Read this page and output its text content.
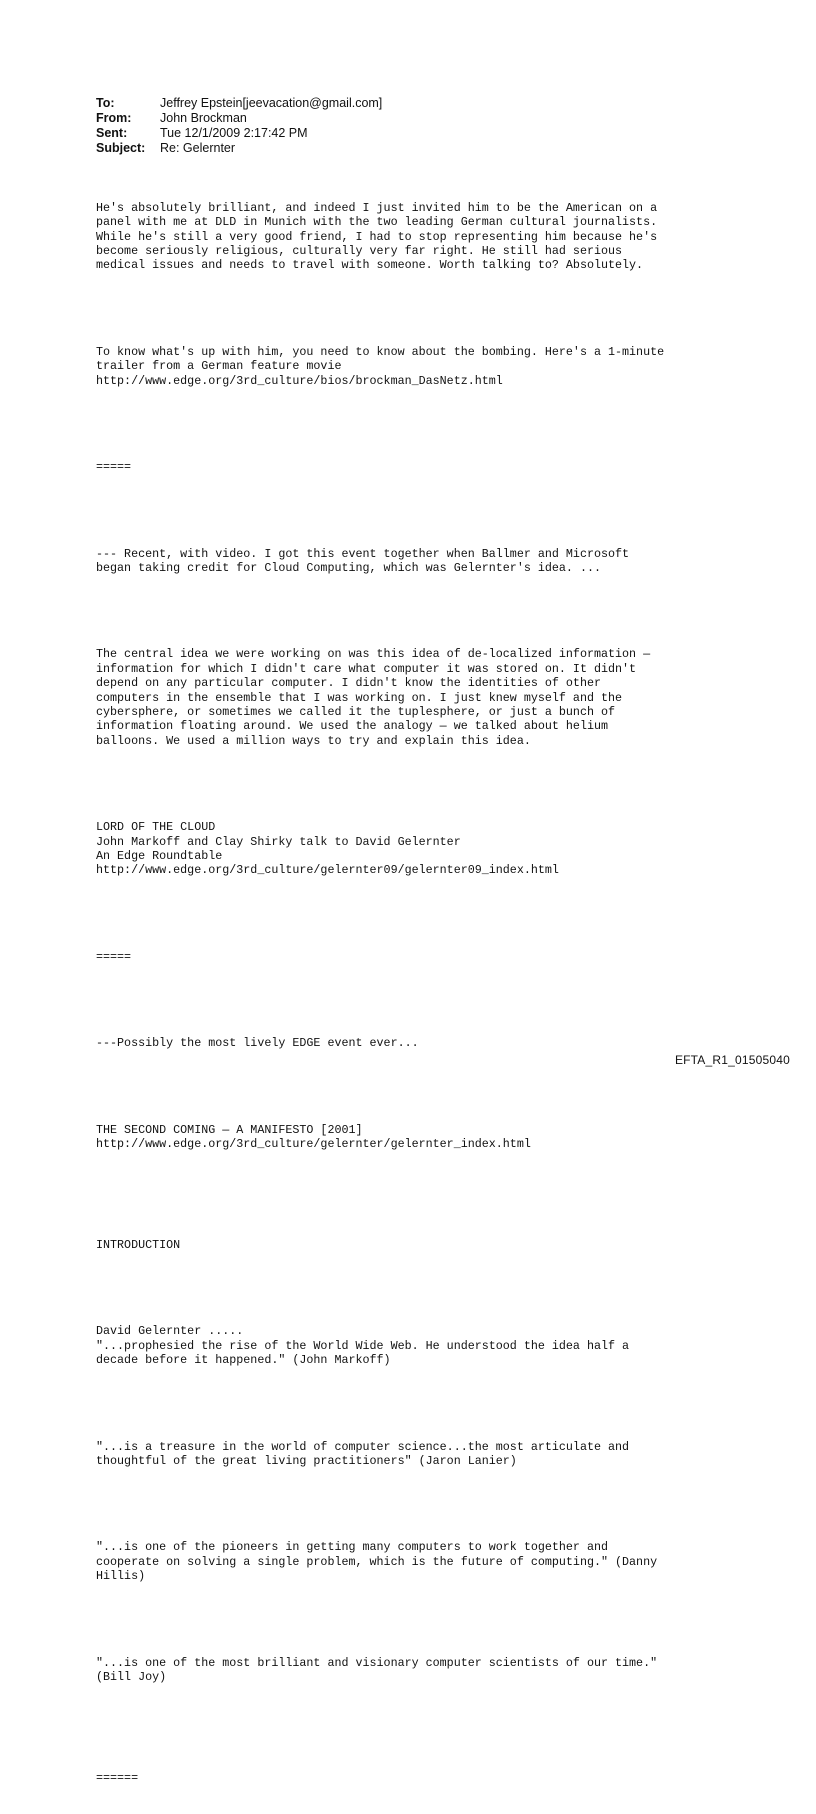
To:	Jeffrey Epstein[jeevacation@gmail.com]
From:	John Brockman
Sent:	Tue 12/1/2009 2:17:42 PM
Subject:	Re: Gelernter

He's absolutely brilliant, and indeed I just invited him to be the American on a
panel with me at DLD in Munich with the two leading German cultural journalists.
While he's still a very good friend, I had to stop representing him because he's
become seriously religious, culturally very far right. He still had serious
medical issues and needs to travel with someone. Worth talking to? Absolutely.

To know what's up with him, you need to know about the bombing. Here's a 1-minute
trailer from a German feature movie
http://www.edge.org/3rd_culture/bios/brockman_DasNetz.html

=====

--- Recent, with video. I got this event together when Ballmer and Microsoft
began taking credit for Cloud Computing, which was Gelernter's idea. ...

The central idea we were working on was this idea of de-localized information —
information for which I didn't care what computer it was stored on. It didn't
depend on any particular computer. I didn't know the identities of other
computers in the ensemble that I was working on. I just knew myself and the
cybersphere, or sometimes we called it the tuplesphere, or just a bunch of
information floating around. We used the analogy — we talked about helium
balloons. We used a million ways to try and explain this idea.

LORD OF THE CLOUD
John Markoff and Clay Shirky talk to David Gelernter
An Edge Roundtable
http://www.edge.org/3rd_culture/gelernter09/gelernter09_index.html

=====

---Possibly the most lively EDGE event ever...

THE SECOND COMING — A MANIFESTO [2001]
http://www.edge.org/3rd_culture/gelernter/gelernter_index.html

INTRODUCTION

David Gelernter .....
"...prophesied the rise of the World Wide Web. He understood the idea half a
decade before it happened." (John Markoff)

"...is a treasure in the world of computer science...the most articulate and
thoughtful of the great living practitioners" (Jaron Lanier)

"...is one of the pioneers in getting many computers to work together and
cooperate on solving a single problem, which is the future of computing." (Danny
Hillis)

"...is one of the most brilliant and visionary computer scientists of our time."
(Bill Joy)

======

EFTA_R1_01505040
